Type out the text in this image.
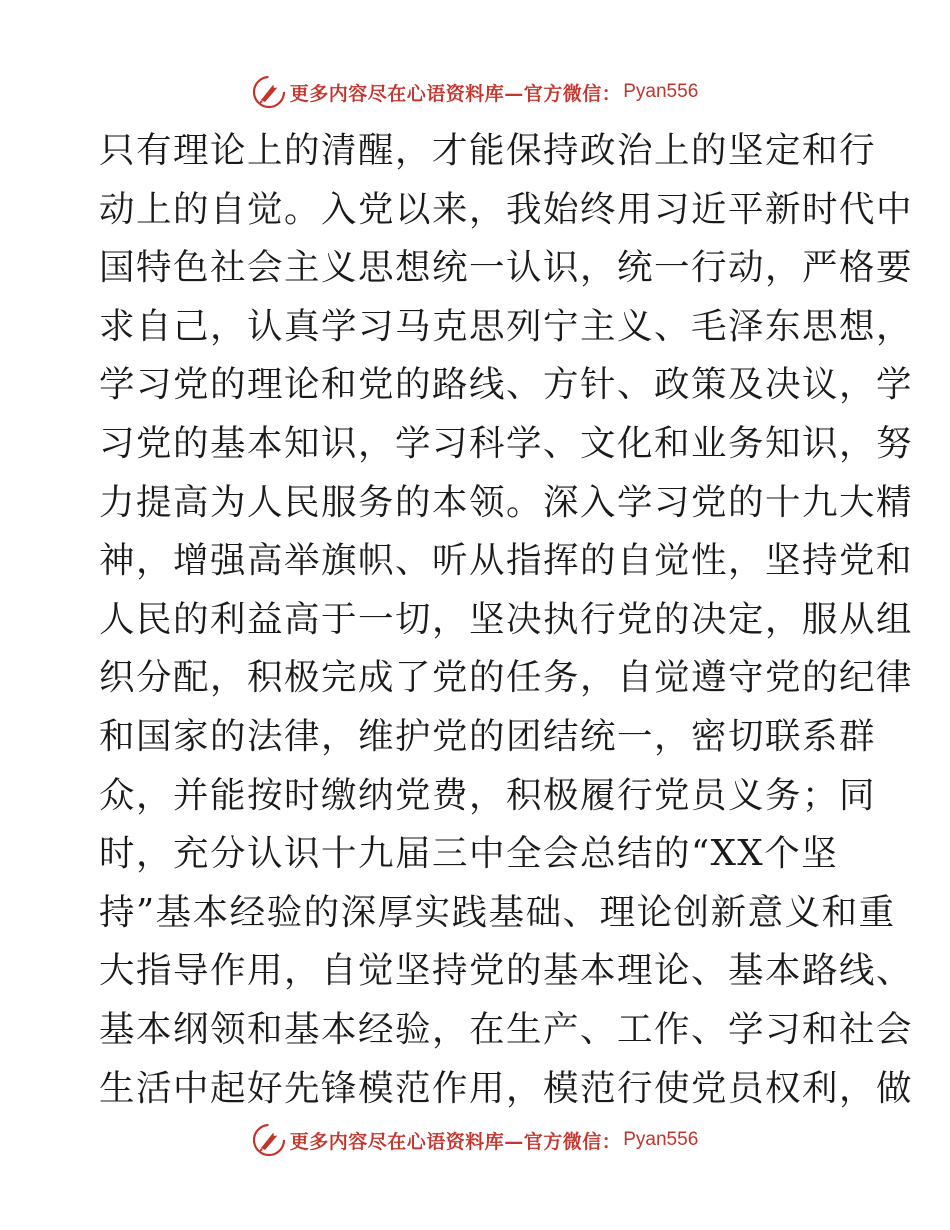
更多内容尽在心语资料库—官方微信： Pyan556
只有理论上的清醒，才能保持政治上的坚定和行
动上的自觉。入党以来，我始终用习近平新时代中
国特色社会主义思想统一认识，统一行动，严格要
求自己，认真学习马克思列宁主义、毛泽东思想，
学习党的理论和党的路线、方针、政策及决议，学
习党的基本知识，学习科学、文化和业务知识，努
力提高为人民服务的本领。深入学习党的十九大精
神，增强高举旗帜、听从指挥的自觉性，坚持党和
人民的利益高于一切，坚决执行党的决定，服从组
织分配，积极完成了党的任务，自觉遵守党的纪律
和国家的法律，维护党的团结统一，密切联系群
众，并能按时缴纳党费，积极履行党员义务；同
时，充分认识十九届三中全会总结的“XX个坚
持”基本经验的深厚实践基础、理论创新意义和重
大指导作用，自觉坚持党的基本理论、基本路线、
基本纲领和基本经验，在生产、工作、学习和社会
生活中起好先锋模范作用，模范行使党员权利，做
更多内容尽在心语资料库—官方微信： Pyan556
